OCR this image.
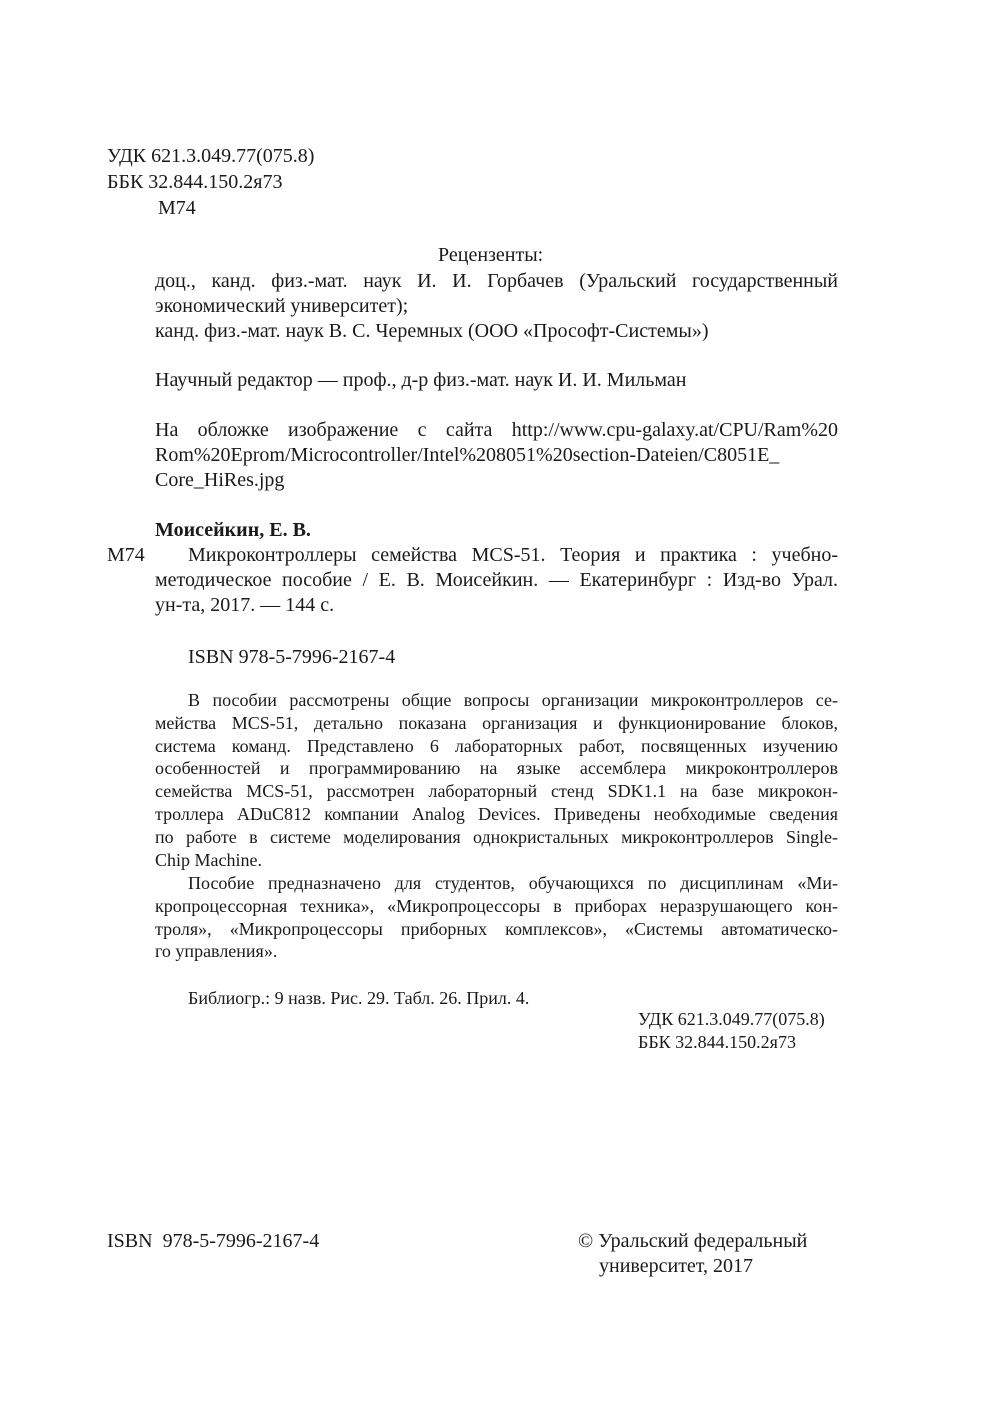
УДК 621.3.049.77(075.8)
ББК 32.844.150.2я73
М74
Рецензенты:
доц., канд. физ.-мат. наук И. И. Горбачев (Уральский государственный
экономический университет);
канд. физ.-мат. наук В. С. Черемных (ООО «Прософт-Системы»)
Научный редактор — проф., д-р физ.-мат. наук И. И. Мильман
На обложке изображение с сайта http://www.cpu-galaxy.at/CPU/Ram%20
Rom%20Eprom/Microcontroller/Intel%208051%20section-Dateien/C8051E_
Core_HiRes.jpg
Моисейкин, Е. В.
М74	Микроконтроллеры семейства MCS-51. Теория и практика : учебно-
методическое пособие / Е. В. Моисейкин. — Екатеринбург : Изд-во Урал.
ун-та, 2017. — 144 с.
ISBN 978-5-7996-2167-4
В пособии рассмотрены общие вопросы организации микроконтроллеров се-
мейства MCS-51, детально показана организация и функционирование блоков,
система команд. Представлено 6 лабораторных работ, посвященных изучению
особенностей и программированию на языке ассемблера микроконтроллеров
семейства MCS-51, рассмотрен лабораторный стенд SDK1.1 на базе микрокон-
троллера ADuC812 компании Analog Devices. Приведены необходимые сведения
по работе в системе моделирования однокристальных микроконтроллеров Single-
Chip Machine.
Пособие предназначено для студентов, обучающихся по дисциплинам «Ми-
кропроцессорная техника», «Микропроцессоры в приборах неразрушающего кон-
троля», «Микропроцессоры приборных комплексов», «Системы автоматическо-
го управления».
Библиогр.: 9 назв. Рис. 29. Табл. 26. Прил. 4.
УДК 621.3.049.77(075.8)
ББК 32.844.150.2я73
ISBN  978-5-7996-2167-4	© Уральский федеральный
университет, 2017
